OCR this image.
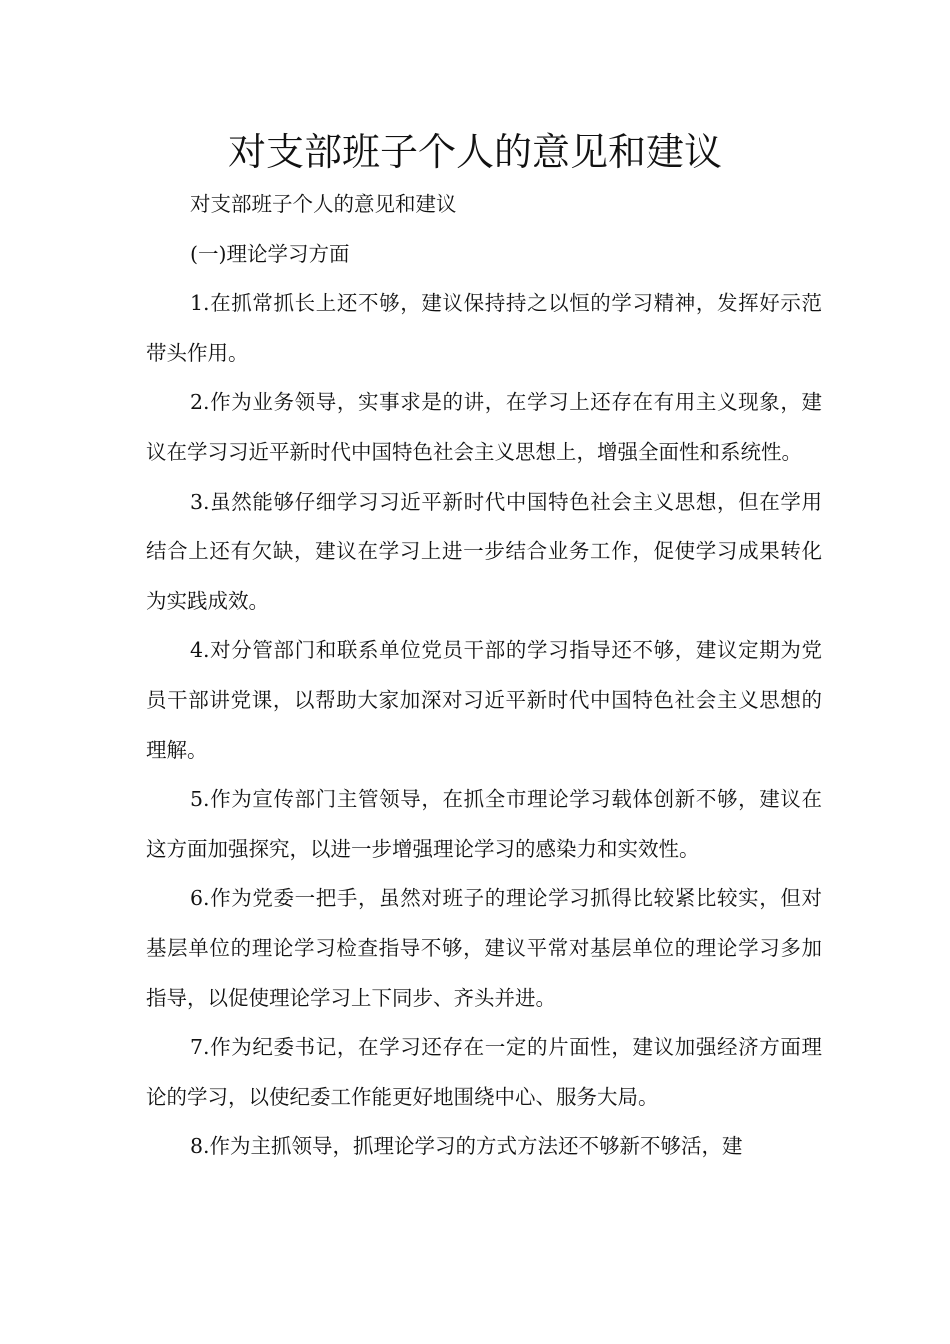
对支部班子个人的意见和建议

对支部班子个人的意见和建议

(一)理论学习方面

1.在抓常抓长上还不够，建议保持持之以恒的学习精神，发挥好示范带头作用。

2.作为业务领导，实事求是的讲，在学习上还存在有用主义现象，建议在学习习近平新时代中国特色社会主义思想上，增强全面性和系统性。

3.虽然能够仔细学习习近平新时代中国特色社会主义思想，但在学用结合上还有欠缺，建议在学习上进一步结合业务工作，促使学习成果转化为实践成效。

4.对分管部门和联系单位党员干部的学习指导还不够，建议定期为党员干部讲党课，以帮助大家加深对习近平新时代中国特色社会主义思想的理解。

5.作为宣传部门主管领导，在抓全市理论学习载体创新不够，建议在这方面加强探究，以进一步增强理论学习的感染力和实效性。

6.作为党委一把手，虽然对班子的理论学习抓得比较紧比较实，但对基层单位的理论学习检查指导不够，建议平常对基层单位的理论学习多加指导，以促使理论学习上下同步、齐头并进。

7.作为纪委书记，在学习还存在一定的片面性，建议加强经济方面理论的学习，以使纪委工作能更好地围绕中心、服务大局。

8.作为主抓领导，抓理论学习的方式方法还不够新不够活，建
